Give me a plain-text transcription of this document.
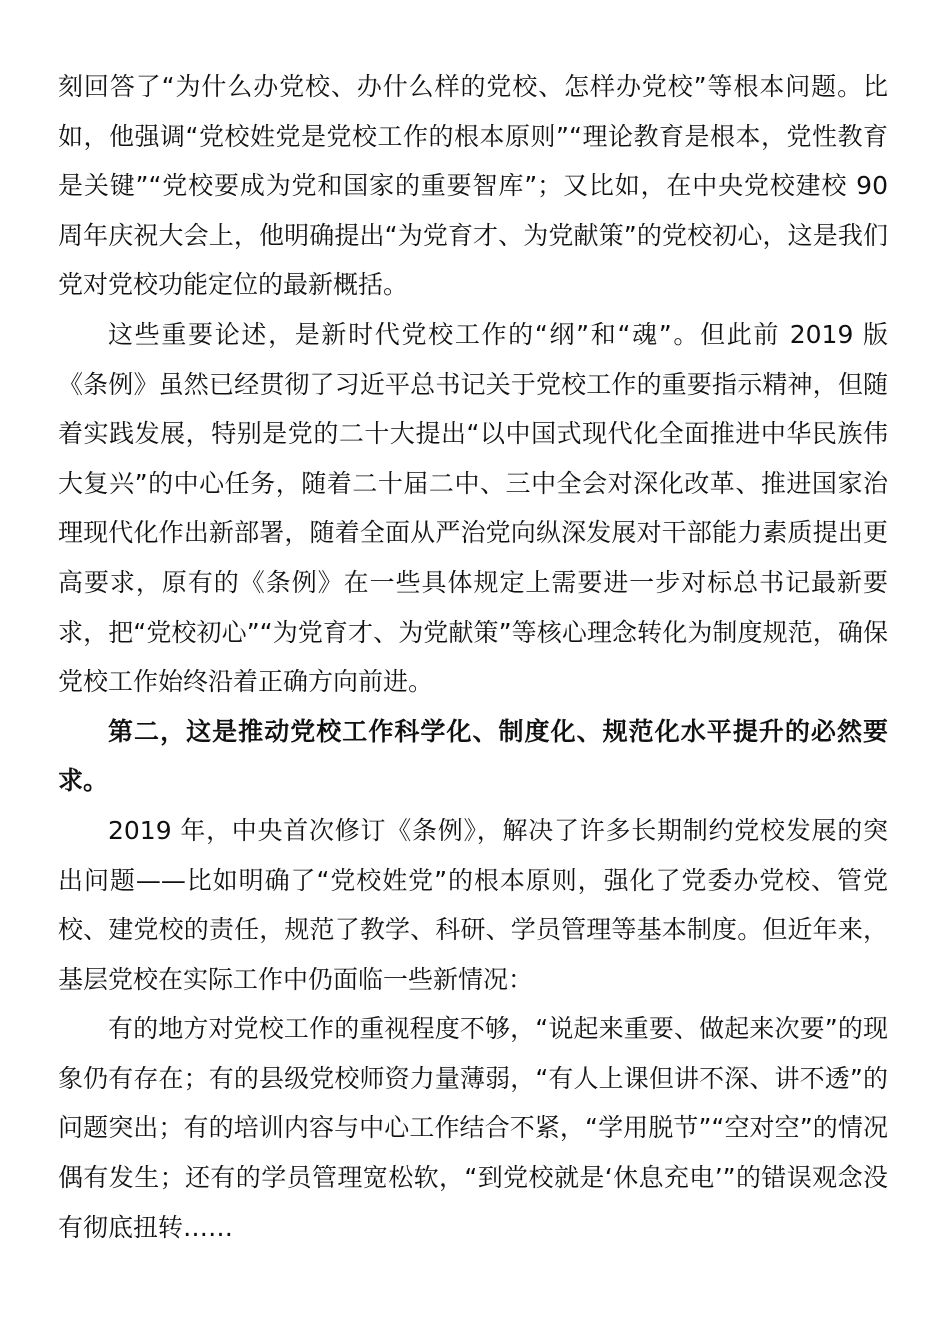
刻回答了“为什么办党校、办什么样的党校、怎样办党校”等根本问题。比如，他强调“党校姓党是党校工作的根本原则”“理论教育是根本，党性教育是关键”“党校要成为党和国家的重要智库”；又比如，在中央党校建校 90 周年庆祝大会上，他明确提出“为党育才、为党献策”的党校初心，这是我们党对党校功能定位的最新概括。

这些重要论述，是新时代党校工作的“纲”和“魂”。但此前 2019 版《条例》虽然已经贯彻了习近平总书记关于党校工作的重要指示精神，但随着实践发展，特别是党的二十大提出“以中国式现代化全面推进中华民族伟大复兴”的中心任务，随着二十届二中、三中全会对深化改革、推进国家治理现代化作出新部署，随着全面从严治党向纵深发展对干部能力素质提出更高要求，原有的《条例》在一些具体规定上需要进一步对标总书记最新要求，把“党校初心”“为党育才、为党献策”等核心理念转化为制度规范，确保党校工作始终沿着正确方向前进。

第二，这是推动党校工作科学化、制度化、规范化水平提升的必然要求。

2019 年，中央首次修订《条例》，解决了许多长期制约党校发展的突出问题——比如明确了“党校姓党”的根本原则，强化了党委办党校、管党校、建党校的责任，规范了教学、科研、学员管理等基本制度。但近年来，基层党校在实际工作中仍面临一些新情况：

有的地方对党校工作的重视程度不够，“说起来重要、做起来次要”的现象仍有存在；有的县级党校师资力量薄弱，“有人上课但讲不深、讲不透”的问题突出；有的培训内容与中心工作结合不紧，“学用脱节”“空对空”的情况偶有发生；还有的学员管理宽松软，“到党校就是‘休息充电’”的错误观念没有彻底扭转……
